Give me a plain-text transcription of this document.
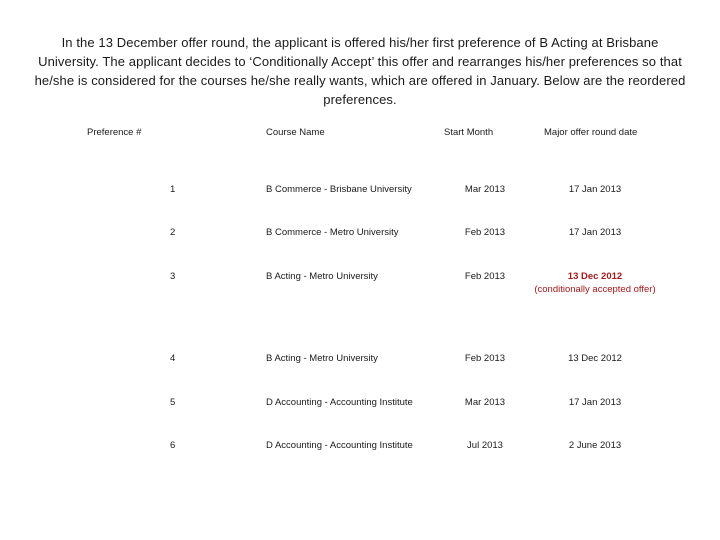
In the 13 December offer round, the applicant is offered his/her first preference of B Acting at Brisbane University. The applicant decides to ‘Conditionally Accept’ this offer and rearranges his/her preferences so that he/she is considered for the courses he/she really wants, which are offered in January. Below are the reordered preferences.
Preference #	Course Name	Start Month	Major offer round date
1	B Commerce - Brisbane University	Mar 2013	17 Jan 2013
2	B Commerce - Metro University	Feb 2013	17 Jan 2013
3	B Acting - Metro University	Feb 2013	13 Dec 2012
(conditionally accepted offer)
4	B Acting - Metro University	Feb 2013	13 Dec 2012
5	D Accounting - Accounting Institute	Mar 2013	17 Jan 2013
6	D Accounting - Accounting Institute	Jul 2013	2 June 2013
